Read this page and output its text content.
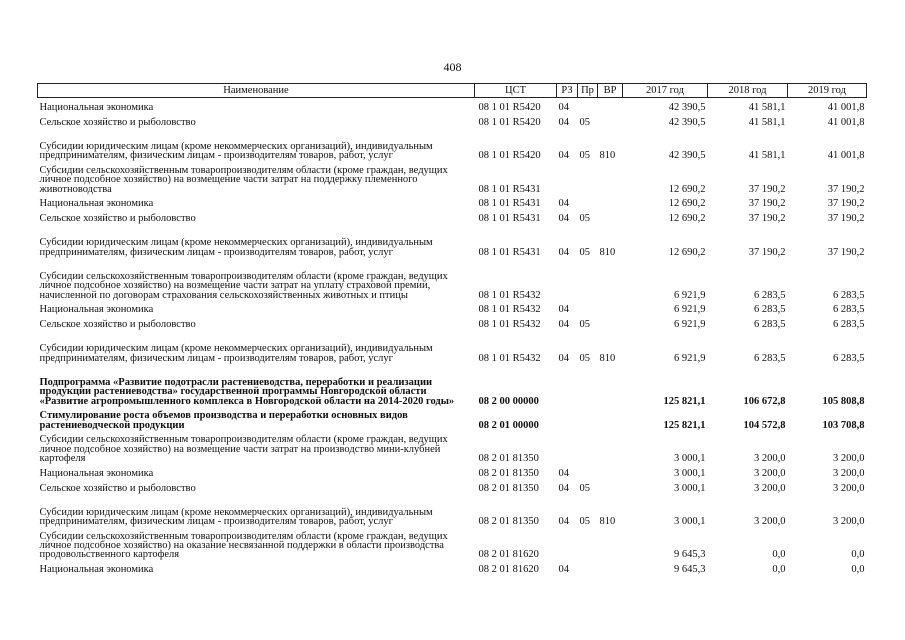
408
Наименование	ЦСТ	РЗ	Пр	ВР	2017 год	2018 год	2019 год
Национальная экономика	08 1 01 R5420	04			42 390,5	41 581,1	41 001,8
Сельское хозяйство и рыболовство	08 1 01 R5420	04	05		42 390,5	41 581,1	41 001,8
Субсидии юридическим лицам (кроме некоммерческих организаций), индивидуальным предпринимателям, физическим лицам - производителям товаров, работ, услуг	08 1 01 R5420	04	05	810	42 390,5	41 581,1	41 001,8
Субсидии сельскохозяйственным товаропроизводителям области (кроме граждан, ведущих личное подсобное хозяйство) на возмещение части затрат на поддержку племенного животноводства	08 1 01 R5431				12 690,2	37 190,2	37 190,2
Национальная экономика	08 1 01 R5431	04			12 690,2	37 190,2	37 190,2
Сельское хозяйство и рыболовство	08 1 01 R5431	04	05		12 690,2	37 190,2	37 190,2
Субсидии юридическим лицам (кроме некоммерческих организаций), индивидуальным предпринимателям, физическим лицам - производителям товаров, работ, услуг	08 1 01 R5431	04	05	810	12 690,2	37 190,2	37 190,2
Субсидии сельскохозяйственным товаропроизводителям области (кроме граждан, ведущих личное подсобное хозяйство) на возмещение части затрат на уплату страховой премии, начисленной по договорам страхования сельскохозяйственных животных и птицы	08 1 01 R5432				6 921,9	6 283,5	6 283,5
Национальная экономика	08 1 01 R5432	04			6 921,9	6 283,5	6 283,5
Сельское хозяйство и рыболовство	08 1 01 R5432	04	05		6 921,9	6 283,5	6 283,5
Субсидии юридическим лицам (кроме некоммерческих организаций), индивидуальным предпринимателям, физическим лицам - производителям товаров, работ, услуг	08 1 01 R5432	04	05	810	6 921,9	6 283,5	6 283,5
Подпрограмма «Развитие подотрасли растениеводства, переработки и реализации продукции растениеводства» государственной программы Новгородской области «Развитие агропромышленного комплекса в Новгородской области на 2014-2020 годы»	08 2 00 00000				125 821,1	106 672,8	105 808,8
Стимулирование роста объемов производства и переработки основных видов растениеводческой продукции	08 2 01 00000				125 821,1	104 572,8	103 708,8
Субсидии сельскохозяйственным товаропроизводителям области (кроме граждан, ведущих личное подсобное хозяйство) на возмещение части затрат на производство мини-клубней картофеля	08 2 01 81350				3 000,1	3 200,0	3 200,0
Национальная экономика	08 2 01 81350	04			3 000,1	3 200,0	3 200,0
Сельское хозяйство и рыболовство	08 2 01 81350	04	05		3 000,1	3 200,0	3 200,0
Субсидии юридическим лицам (кроме некоммерческих организаций), индивидуальным предпринимателям, физическим лицам - производителям товаров, работ, услуг	08 2 01 81350	04	05	810	3 000,1	3 200,0	3 200,0
Субсидии сельскохозяйственным товаропроизводителям области (кроме граждан, ведущих личное подсобное хозяйство) на оказание несвязанной поддержки в области производства продовольственного картофеля	08 2 01 81620				9 645,3	0,0	0,0
Национальная экономика	08 2 01 81620	04			9 645,3	0,0	0,0
